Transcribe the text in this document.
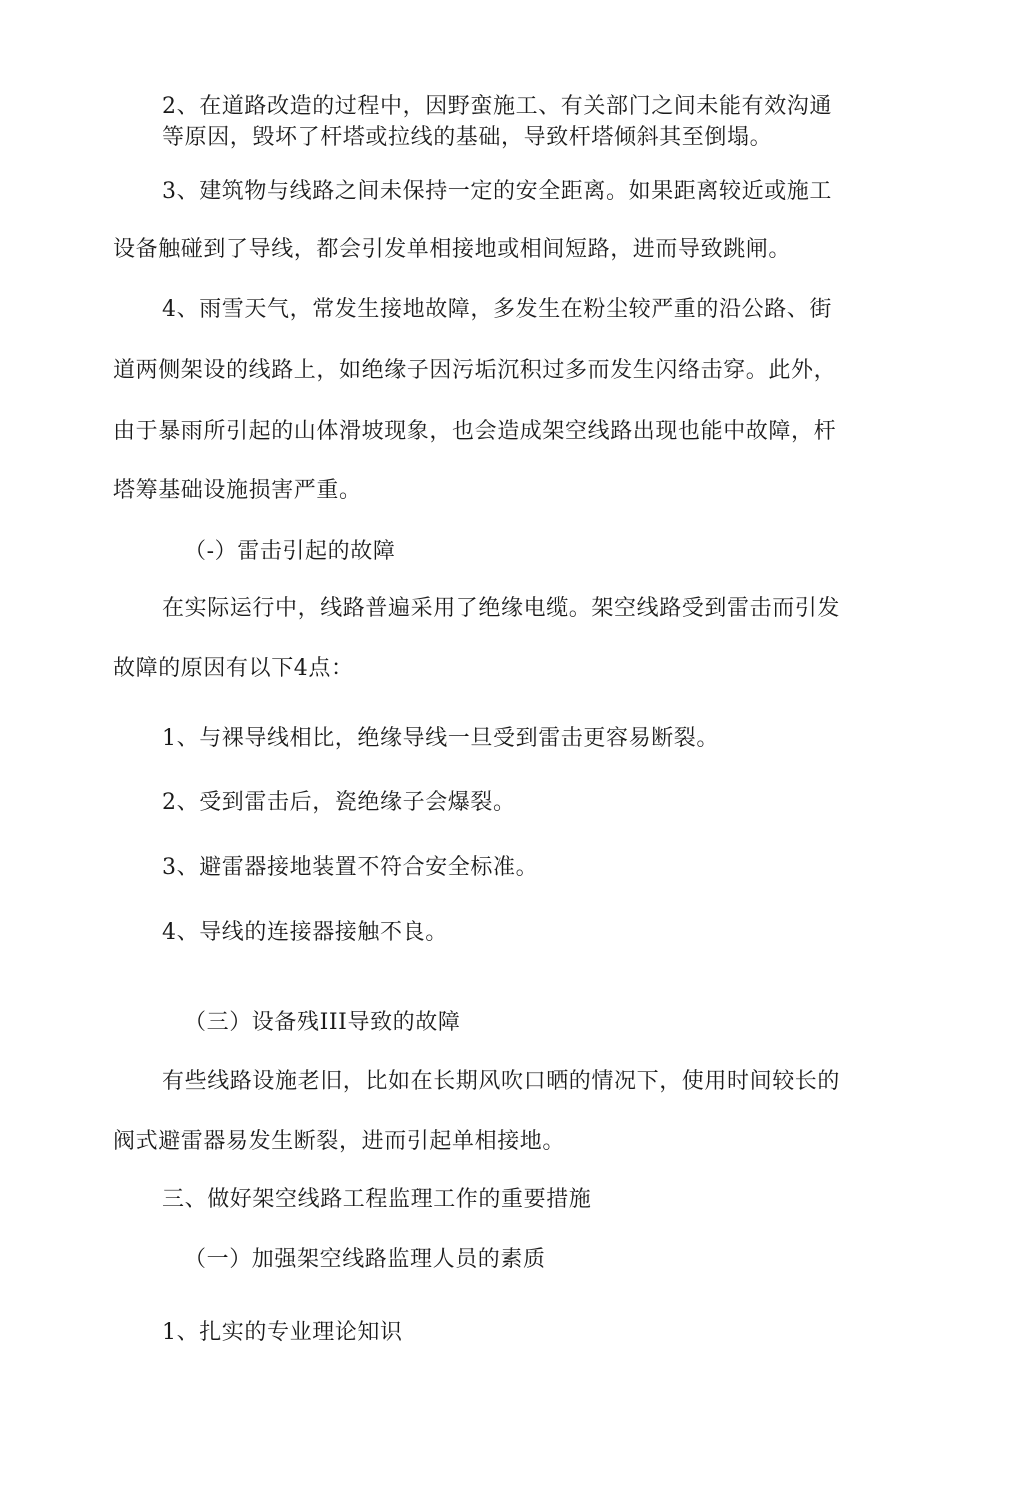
2、在道路改造的过程中，因野蛮施工、有关部门之间未能有效沟通
等原因，毁坏了杆塔或拉线的基础，导致杆塔倾斜其至倒塌。
3、建筑物与线路之间未保持一定的安全距离。如果距离较近或施工
设备触碰到了导线，都会引发单相接地或相间短路，进而导致跳闸。
4、雨雪天气，常发生接地故障，多发生在粉尘较严重的沿公路、街
道两侧架设的线路上，如绝缘子因污垢沉积过多而发生闪络击穿。此外，
由于暴雨所引起的山体滑坡现象，也会造成架空线路出现也能中故障，杆
塔筹基础设施损害严重。
（-）雷击引起的故障
在实际运行中，线路普遍采用了绝缘电缆。架空线路受到雷击而引发
故障的原因有以下4点：
1、与裸导线相比，绝缘导线一旦受到雷击更容易断裂。
2、受到雷击后，瓷绝缘子会爆裂。
3、避雷器接地装置不符合安全标准。
4、导线的连接器接触不良。
（三）设备残III导致的故障
有些线路设施老旧，比如在长期风吹口晒的情况下，使用时间较长的
阀式避雷器易发生断裂，进而引起单相接地。
三、做好架空线路工程监理工作的重要措施
（一）加强架空线路监理人员的素质
1、扎实的专业理论知识
